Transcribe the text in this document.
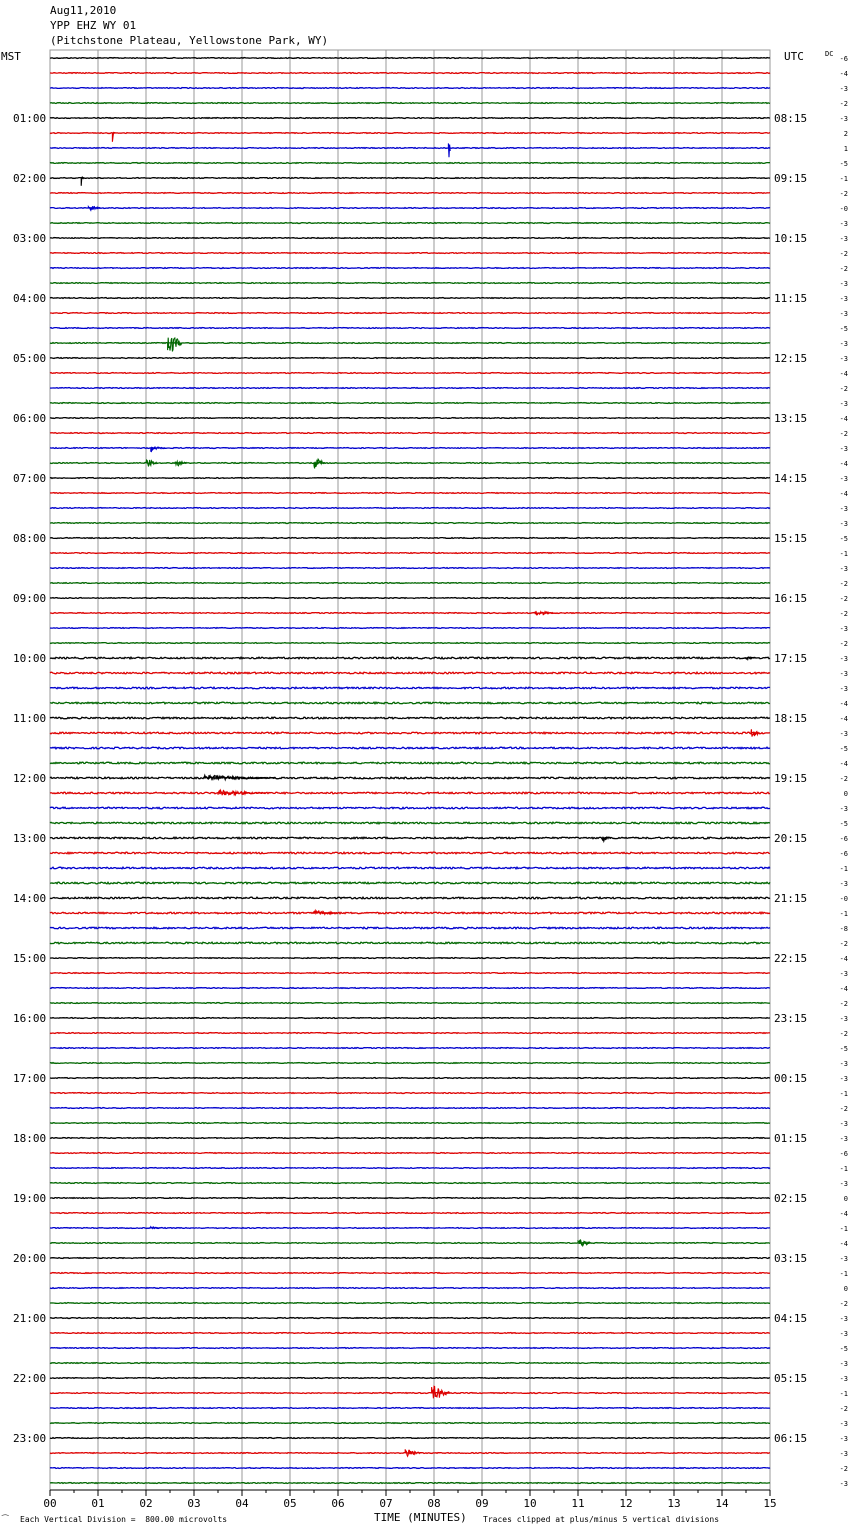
Aug11,2010
YPP EHZ WY 01
(Pitchstone Plateau, Yellowstone Park, WY)
00	01	02	03	04	05	06	07	08	09	10	11	12	13	14	15
MST	UTC	DC
01:00
02:00
03:00
04:00
05:00
06:00
07:00
08:00
09:00
10:00
11:00
12:00
13:00
14:00
15:00
16:00
17:00
18:00
19:00
20:00
21:00
22:00
23:00
08:15
09:15
10:15
11:15
12:15
13:15
14:15
15:15
16:15
17:15
18:15
19:15
20:15
21:15
22:15
23:15
00:15
01:15
02:15
03:15
04:15
05:15
06:15
-6
-4
-3
-2
-3
2
1
-5
-1
-2
-0
-3
-3
-2
-2
-3
-3
-3
-5
-3
-3
-4
-2
-3
-4
-2
-3
-4
-3
-4
-3
-3
-5
-1
-3
-2
-2
-2
-3
-2
-3
-3
-3
-4
-4
-3
-5
-4
-2
0
-3
-5
-6
-6
-1
-3
-0
-1
-8
-2
-4
-3
-4
-2
-3
-2
-5
-3
-3
-1
-2
-3
-3
-6
-1
-3
0
-4
-1
-4
-3
-1
0
-2
-3
-3
-5
-3
-3
-1
-2
-3
-3
-3
-2
-3
⁀ Each Vertical Division =  800.00 microvolts	TIME (MINUTES) Traces clipped at plus/minus 5 vertical divisions
